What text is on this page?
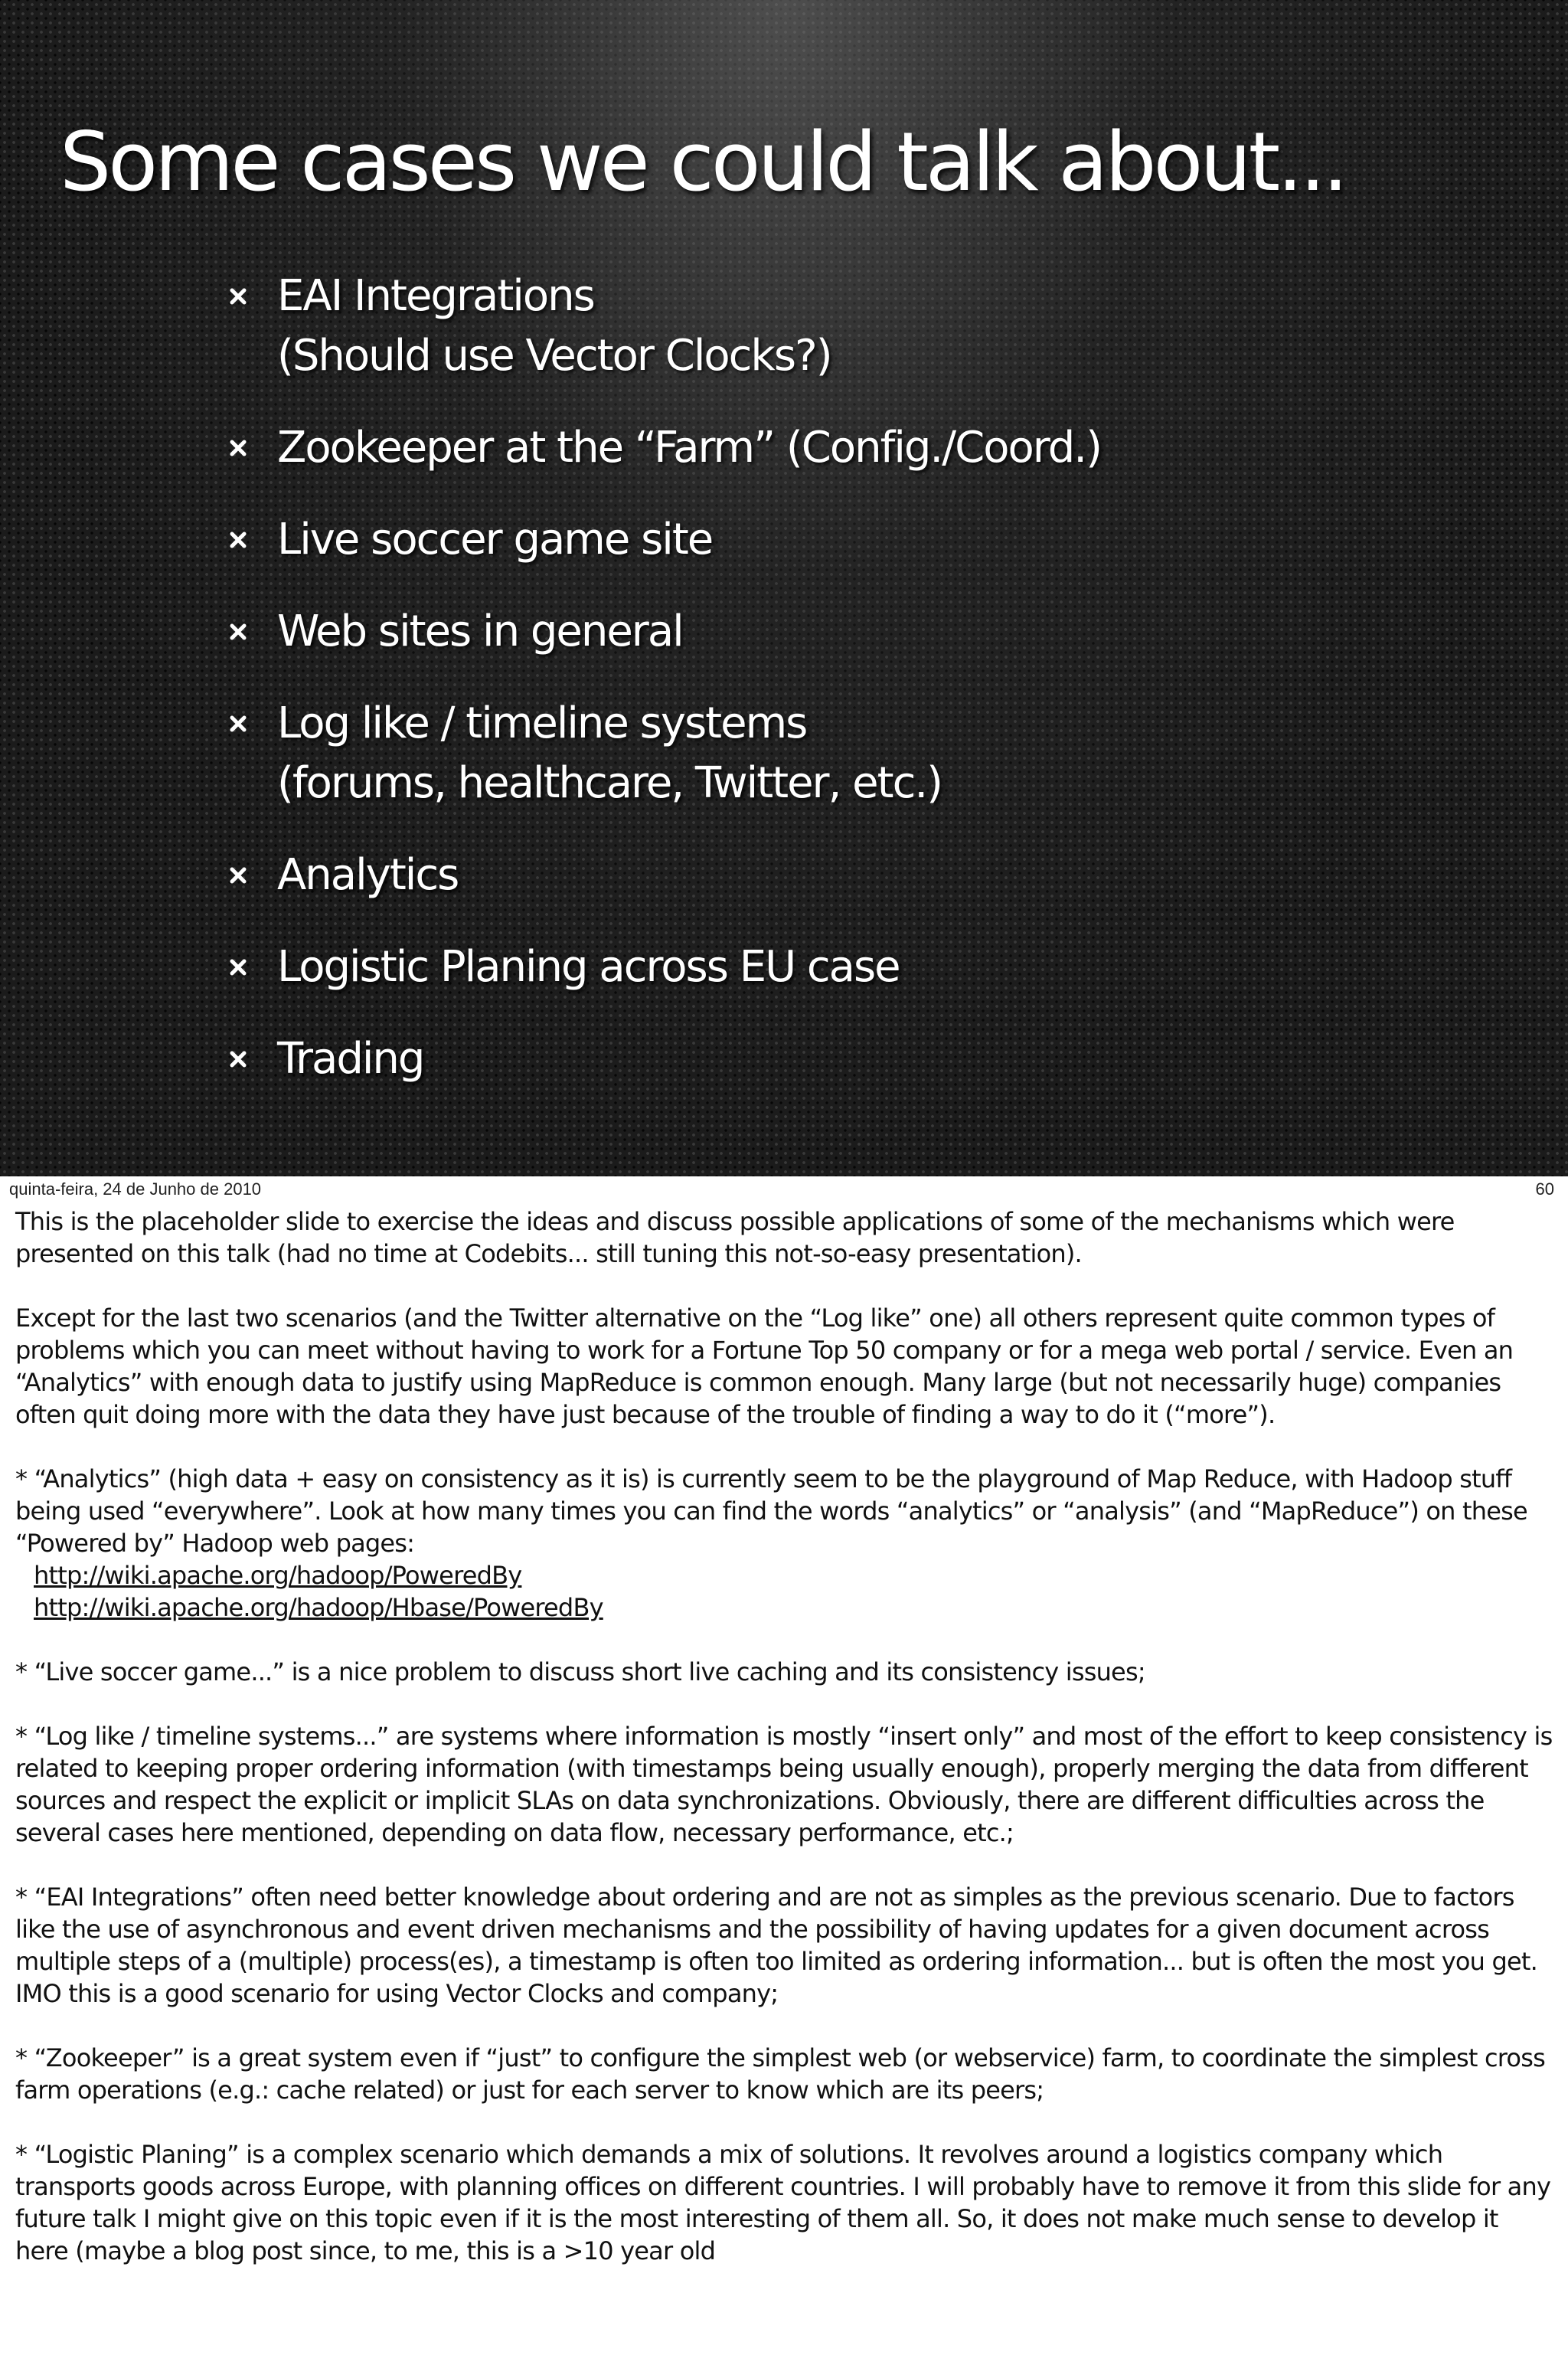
Some cases we could talk about...
EAI Integrations
(Should use Vector Clocks?)
Zookeeper at the “Farm” (Config./Coord.)
Live soccer game site
Web sites in general
Log like / timeline systems
(forums, healthcare, Twitter, etc.)
Analytics
Logistic Planing across EU case
Trading
quinta-feira, 24 de Junho de 2010	60

This is the placeholder slide to exercise the ideas and discuss possible applications of some of the mechanisms which were presented on this talk (had no time at Codebits... still tuning this not-so-easy presentation).

Except for the last two scenarios (and the Twitter alternative on the “Log like” one) all others represent quite common types of problems which you can meet without having to work for a Fortune Top 50 company or for a mega web portal / service. Even an “Analytics” with enough data to justify using MapReduce is common enough. Many large (but not necessarily huge) companies often quit doing more with the data they have just because of the trouble of finding a way to do it (“more”).

* “Analytics” (high data + easy on consistency as it is) is currently seem to be the playground of Map Reduce, with Hadoop stuff being used “everywhere”. Look at how many times you can find the words “analytics” or “analysis” (and “MapReduce”) on these “Powered by” Hadoop web pages:
http://wiki.apache.org/hadoop/PoweredBy
http://wiki.apache.org/hadoop/Hbase/PoweredBy

* “Live soccer game...” is a nice problem to discuss short live caching and its consistency issues;

* “Log like / timeline systems...” are systems where information is mostly “insert only” and most of the effort to keep consistency is related to keeping proper ordering information (with timestamps being usually enough), properly merging the data from different sources and respect the explicit or implicit SLAs on data synchronizations. Obviously, there are different difficulties across the several cases here mentioned, depending on data flow, necessary performance, etc.;

* “EAI Integrations” often need better knowledge about ordering and are not as simples as the previous scenario. Due to factors like the use of asynchronous and event driven mechanisms and the possibility of having updates for a given document across multiple steps of a (multiple) process(es), a timestamp is often too limited as ordering information... but is often the most you get. IMO this is a good scenario for using Vector Clocks and company;

* “Zookeeper” is a great system even if “just” to configure the simplest web (or webservice) farm, to coordinate the simplest cross farm operations (e.g.: cache related) or just for each server to know which are its peers;

* “Logistic Planing” is a complex scenario which demands a mix of solutions. It revolves around a logistics company which transports goods across Europe, with planning offices on different countries. I will probably have to remove it from this slide for any future talk I might give on this topic even if it is the most interesting of them all. So, it does not make much sense to develop it here (maybe a blog post since, to me, this is a >10 year old
